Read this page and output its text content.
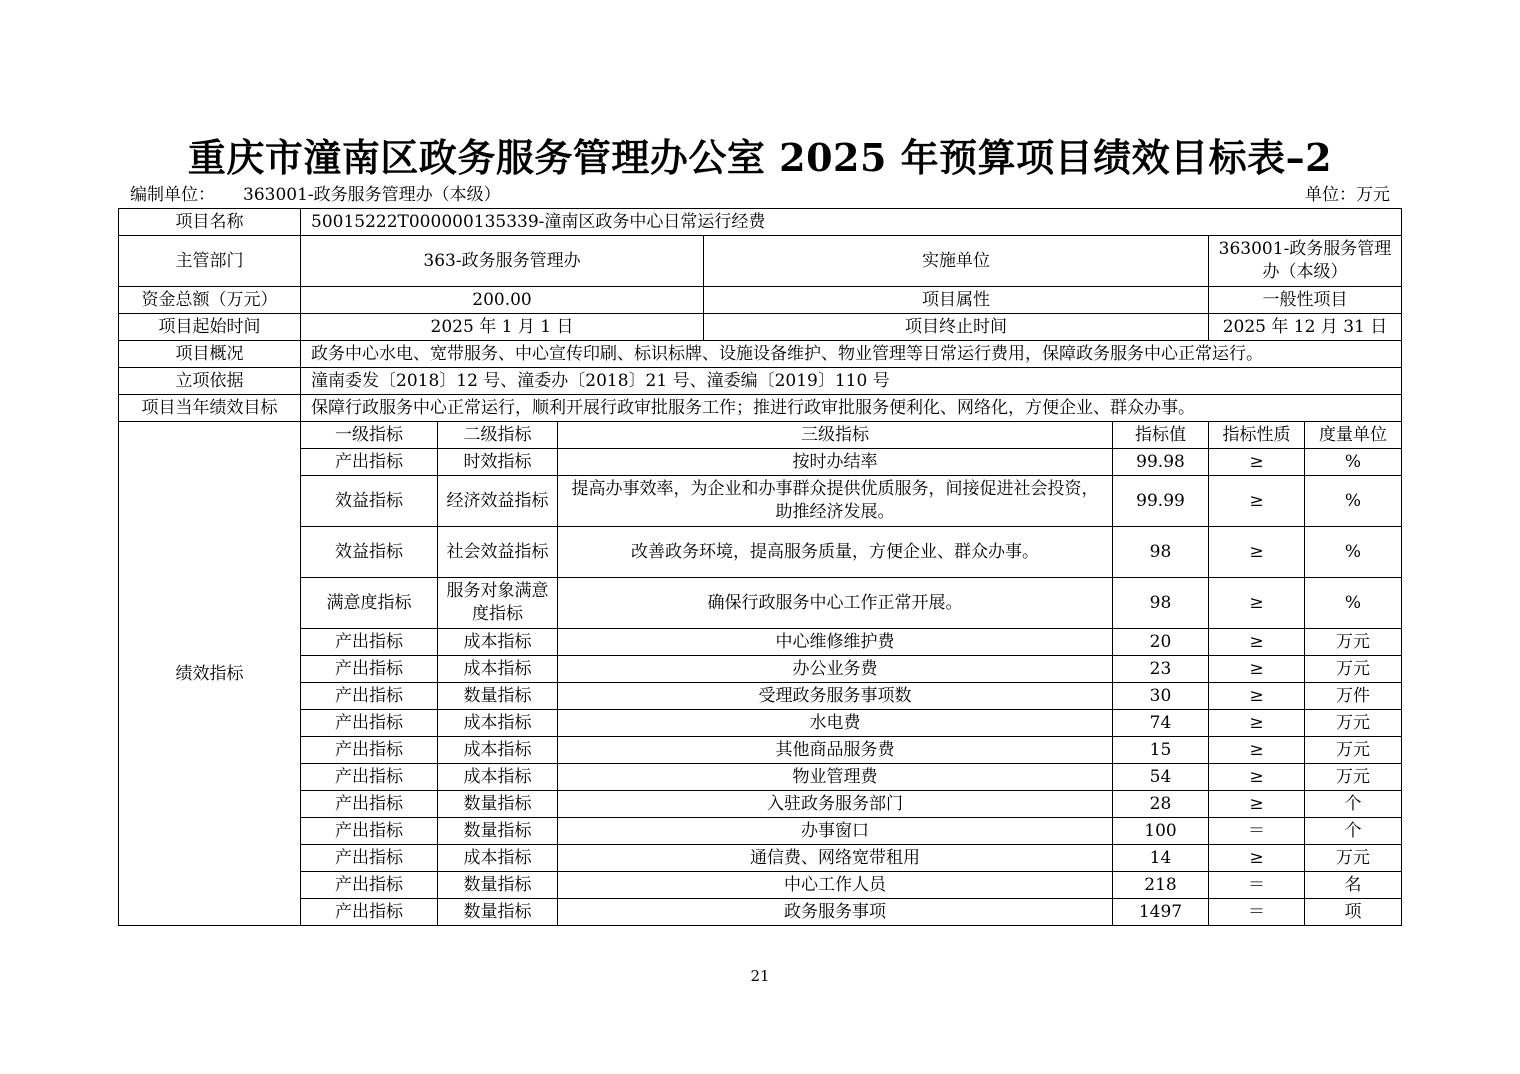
重庆市潼南区政务服务管理办公室 2025 年预算项目绩效目标表–2
编制单位： 363001-政务服务管理办（本级）	单位：万元
项目名称	50015222T000000135339-潼南区政务中心日常运行经费						
主管部门	363-政务服务管理办			实施单位		363001-政务服务管理办（本级）	
资金总额（万元）	200.00			项目属性		一般性项目	
项目起始时间	2025 年 1 月 1 日			项目终止时间		2025 年 12 月 31 日	
项目概况	政务中心水电、宽带服务、中心宣传印刷、标识标牌、设施设备维护、物业管理等日常运行费用，保障政务服务中心正常运行。						
立项依据	潼南委发〔2018〕12 号、潼委办〔2018〕21 号、潼委编〔2019〕110 号						
项目当年绩效目标	保障行政服务中心正常运行，顺利开展行政审批服务工作；推进行政审批服务便利化、网络化，方便企业、群众办事。						
绩效指标	一级指标	二级指标	三级指标		指标值	指标性质	度量单位
	产出指标	时效指标	按时办结率		99.98	≥	%
	效益指标	经济效益指标	提高办事效率，为企业和办事群众提供优质服务，间接促进社会投资，助推经济发展。		99.99	≥	%
	效益指标	社会效益指标	改善政务环境，提高服务质量，方便企业、群众办事。		98	≥	%
	满意度指标	服务对象满意度指标	确保行政服务中心工作正常开展。		98	≥	%
	产出指标	成本指标	中心维修维护费		20	≥	万元
	产出指标	成本指标	办公业务费		23	≥	万元
	产出指标	数量指标	受理政务服务事项数		30	≥	万件
	产出指标	成本指标	水电费		74	≥	万元
	产出指标	成本指标	其他商品服务费		15	≥	万元
	产出指标	成本指标	物业管理费		54	≥	万元
	产出指标	数量指标	入驻政务服务部门		28	≥	个
	产出指标	数量指标	办事窗口		100	＝	个
	产出指标	成本指标	通信费、网络宽带租用		14	≥	万元
	产出指标	数量指标	中心工作人员		218	＝	名
	产出指标	数量指标	政务服务事项		1497	＝	项
21
